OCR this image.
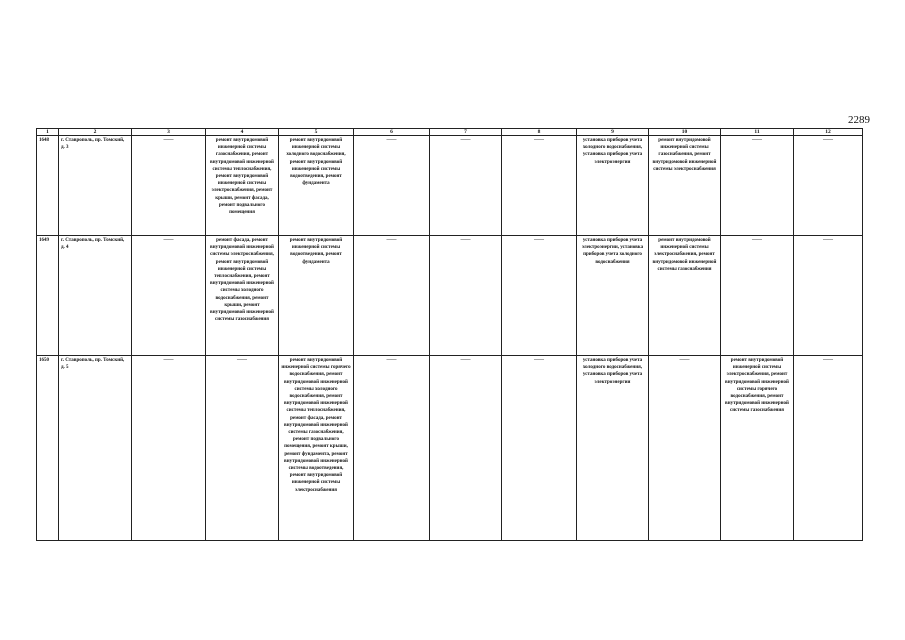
2289
1	2	3	4	5	6	7	8	9	10	11	12
1648	г. Ставрополь, пр. Томский, д. 3	——	ремонт внутридомовой инженерной системы газоснабжения, ремонт внутридомовой инженерной системы теплоснабжения, ремонт внутридомовой инженерной системы электроснабжения, ремонт крыши, ремонт фасада, ремонт подвального помещения	ремонт внутридомовой инженерной системы холодного водоснабжения, ремонт внутридомовой инженерной системы водоотведения, ремонт фундамента	——	——	——	установка приборов учета холодного водоснабжения, установка приборов учета электроэнергии	ремонт внутридомовой инженерной системы газоснабжения, ремонт внутридомовой инженерной системы электроснабжения	——	——
1649	г. Ставрополь, пр. Томский, д. 4	——	ремонт фасада, ремонт внутридомовой инженерной системы электроснабжения, ремонт внутридомовой инженерной системы теплоснабжения, ремонт внутридомовой инженерной системы холодного водоснабжения, ремонт крыши, ремонт внутридомовой инженерной системы газоснабжения	ремонт внутридомовой инженерной системы водоотведения, ремонт фундамента	——	——	——	установка приборов учета электроэнергии, установка приборов учета холодного водоснабжения	ремонт внутридомовой инженерной системы электроснабжения, ремонт внутридомовой инженерной системы газоснабжения	——	——
1650	г. Ставрополь, пр. Томский, д. 5	——	——	ремонт внутридомовой инженерной системы горячего водоснабжения, ремонт внутридомовой инженерной системы холодного водоснабжения, ремонт внутридомовой инженерной системы теплоснабжения, ремонт фасада, ремонт внутридомовой инженерной системы газоснабжения, ремонт подвального помещения, ремонт крыши, ремонт фундамента, ремонт внутридомовой инженерной системы водоотведения, ремонт внутридомовой инженерной системы электроснабжения	——	——	——	установка приборов учета холодного водоснабжения, установка приборов учета электроэнергии	——	ремонт внутридомовой инженерной системы электроснабжения, ремонт внутридомовой инженерной системы горячего водоснабжения, ремонт внутридомовой инженерной системы газоснабжения	——
